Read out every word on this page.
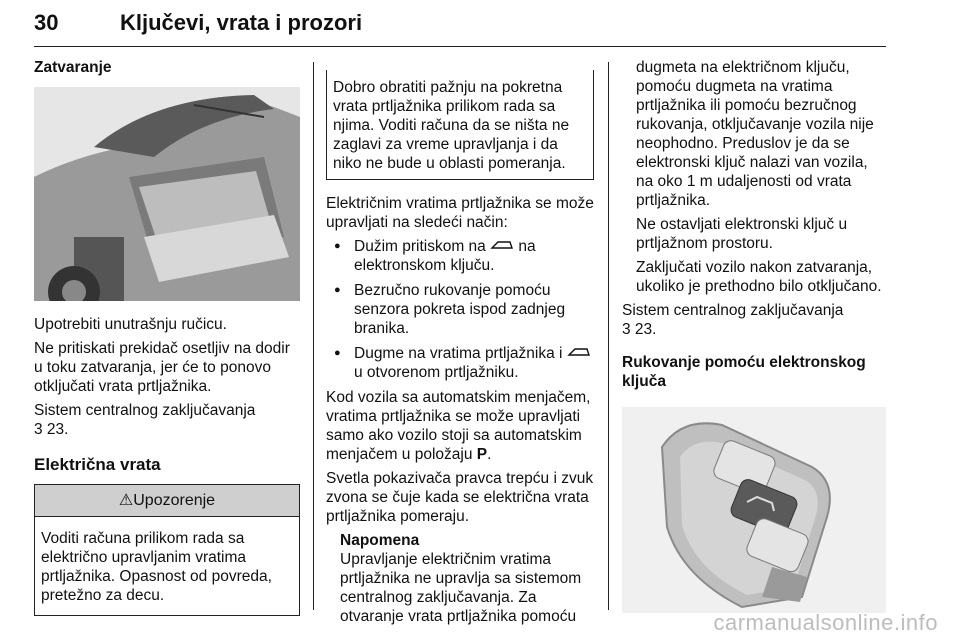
30	Ključevi, vrata i prozori

Zatvaranje

Upotrebiti unutrašnju ručicu.

Ne pritiskati prekidač osetljiv na dodir u toku zatvaranja, jer će to ponovo otključati vrata prtljažnika.

Sistem centralnog zaključavanja
3 23.

Električna vrata
⚠Upozorenje
Voditi računa prilikom rada sa električno upravljanim vratima prtljažnika. Opasnost od povreda, pretežno za decu.
Dobro obratiti pažnju na pokretna vrata prtljažnika prilikom rada sa njima. Voditi računa da se ništa ne zaglavi za vreme upravljanja i da niko ne bude u oblasti pomeranja.

Električnim vratima prtljažnika se može upravljati na sledeći način:

● Dužim pritiskom na na elektronskom ključu.
● Bezručno rukovanje pomoću senzora pokreta ispod zadnjeg branika.
● Dugme na vratima prtljažnika i  u otvorenom prtljažniku.

Kod vozila sa automatskim menjačem, vratima prtljažnika se može upravljati samo ako vozilo stoji sa automatskim menjačem u položaju P.

Svetla pokazivača pravca trepću i zvuk zvona se čuje kada se električna vrata prtljažnika pomeraju.

Napomena

Upravljanje električnim vratima prtljažnika ne upravlja sa sistemom centralnog zaključavanja. Za otvaranje vrata prtljažnika pomoću

dugmeta na električnom ključu, pomoću dugmeta na vratima prtljažnika ili pomoću bezručnog rukovanja, otključavanje vozila nije neophodno. Preduslov je da se elektronski ključ nalazi van vozila, na oko 1 m udaljenosti od vrata prtljažnika.

Ne ostavljati elektronski ključ u prtljažnom prostoru.

Zaključati vozilo nakon zatvaranja, ukoliko je prethodno bilo otključano.

Sistem centralnog zaključavanja
3 23.

Rukovanje pomoću elektronskog ključa

carmanualsonline.info
